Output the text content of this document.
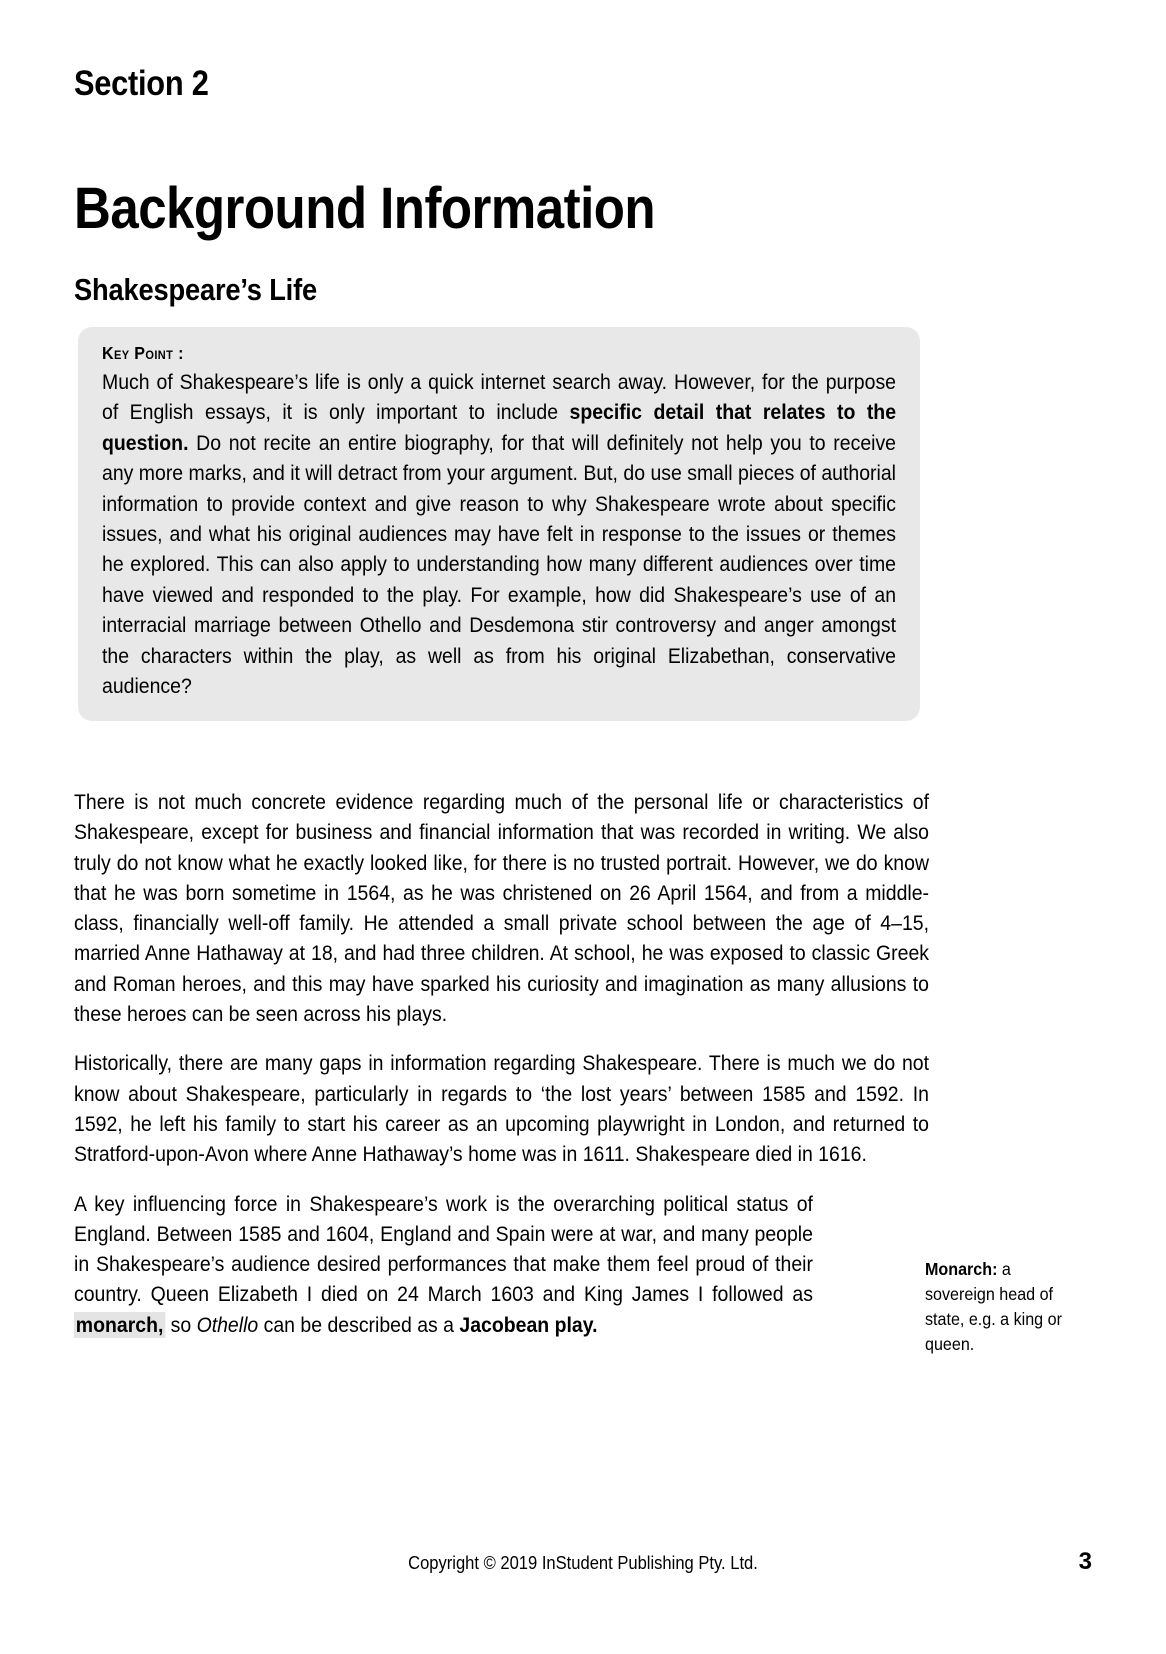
Section 2
Background Information
Shakespeare’s Life
Key Point :
Much of Shakespeare’s life is only a quick internet search away. However, for the purpose of English essays, it is only important to include specific detail that relates to the question. Do not recite an entire biography, for that will definitely not help you to receive any more marks, and it will detract from your argument. But, do use small pieces of authorial information to provide context and give reason to why Shakespeare wrote about specific issues, and what his original audiences may have felt in response to the issues or themes he explored. This can also apply to understanding how many different audiences over time have viewed and responded to the play. For example, how did Shakespeare’s use of an interracial marriage between Othello and Desdemona stir controversy and anger amongst the characters within the play, as well as from his original Elizabethan, conservative audience?

There is not much concrete evidence regarding much of the personal life or characteristics of Shakespeare, except for business and financial information that was recorded in writing. We also truly do not know what he exactly looked like, for there is no trusted portrait. However, we do know that he was born sometime in 1564, as he was christened on 26 April 1564, and from a middle-class, financially well-off family. He attended a small private school between the age of 4–15, married Anne Hathaway at 18, and had three children. At school, he was exposed to classic Greek and Roman heroes, and this may have sparked his curiosity and imagination as many allusions to these heroes can be seen across his plays.

Historically, there are many gaps in information regarding Shakespeare. There is much we do not know about Shakespeare, particularly in regards to ‘the lost years’ between 1585 and 1592. In 1592, he left his family to start his career as an upcoming playwright in London, and returned to Stratford-upon-Avon where Anne Hathaway’s home was in 1611. Shakespeare died in 1616.

A key influencing force in Shakespeare’s work is the overarching political status of England. Between 1585 and 1604, England and Spain were at war, and many people in Shakespeare’s audience desired performances that make them feel proud of their country. Queen Elizabeth I died on 24 March 1603 and King James I followed as monarch, so Othello can be described as a Jacobean play.

Monarch: a sovereign head of state, e.g. a king or queen.
Copyright © 2019 InStudent Publishing Pty. Ltd.	3
